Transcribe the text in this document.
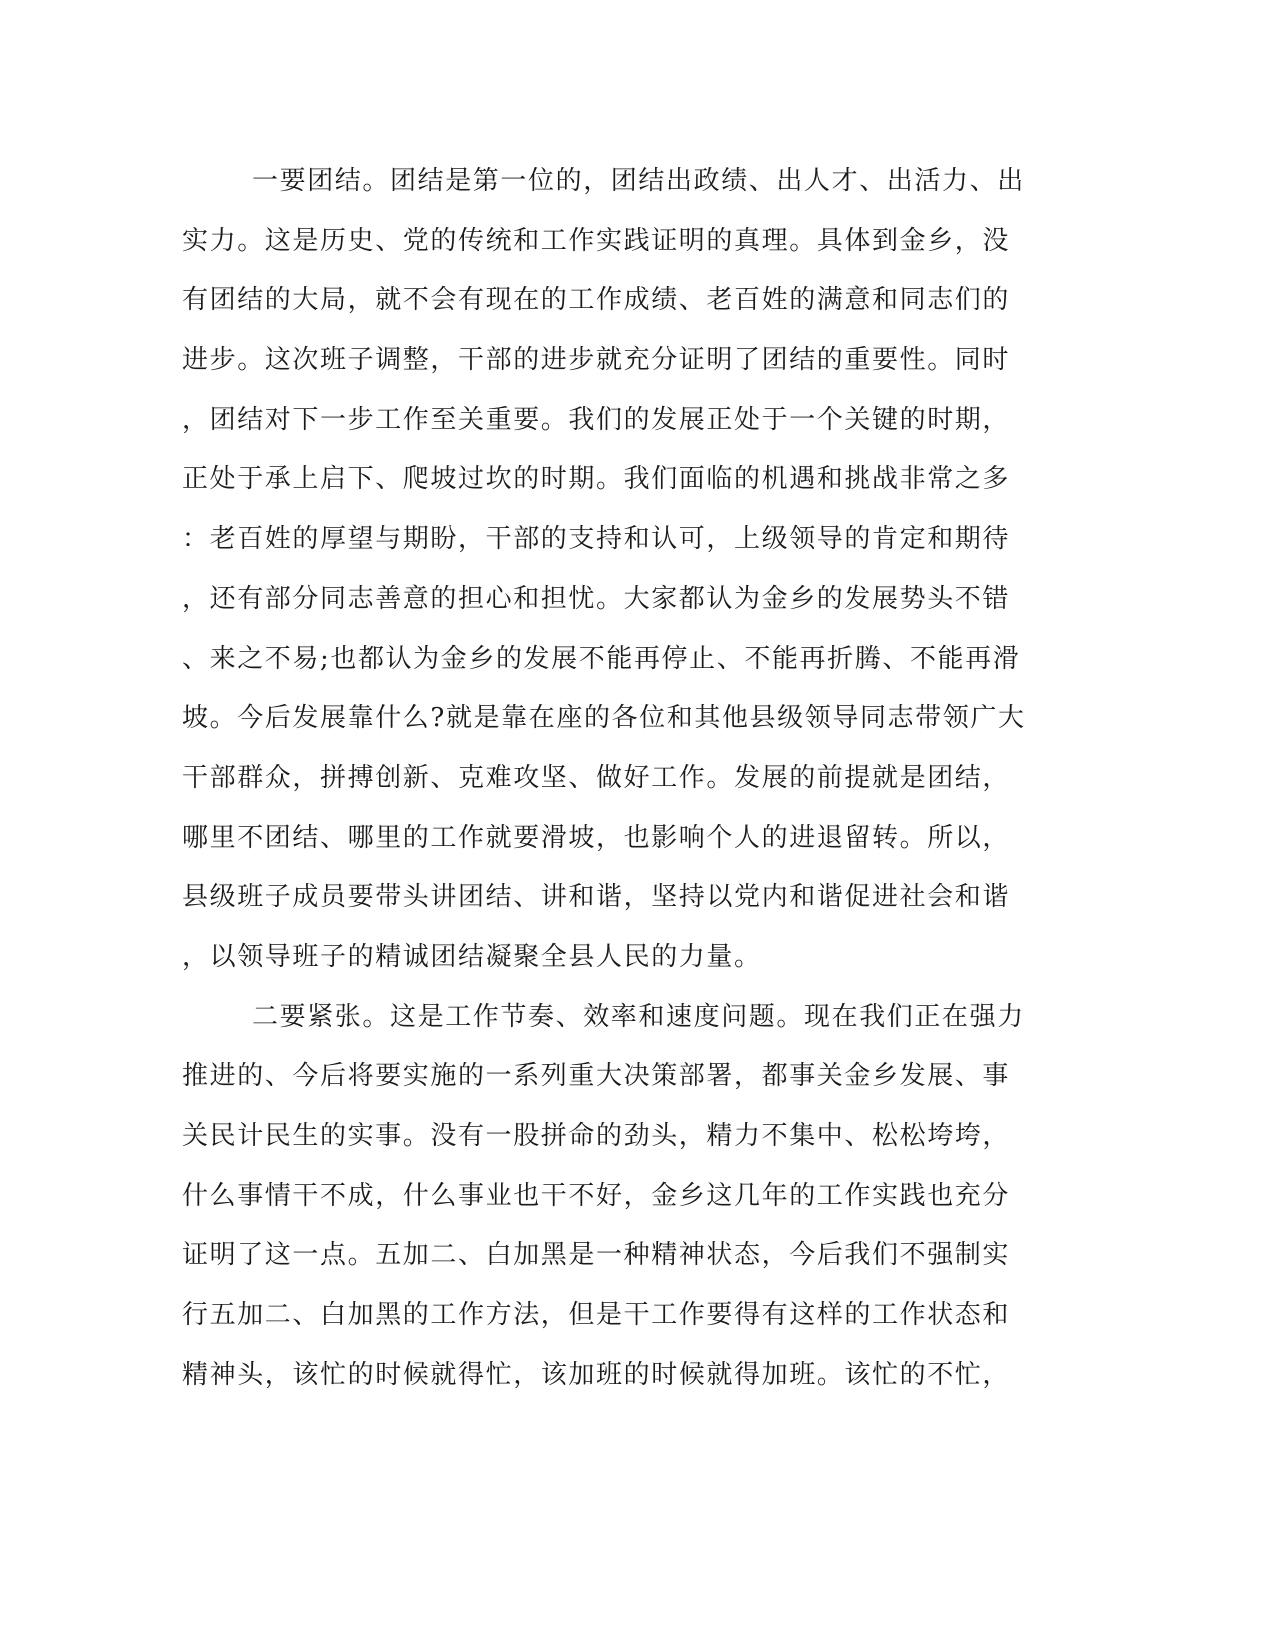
一要团结。团结是第一位的，团结出政绩、出人才、出活力、出
实力。这是历史、党的传统和工作实践证明的真理。具体到金乡，没
有团结的大局，就不会有现在的工作成绩、老百姓的满意和同志们的
进步。这次班子调整，干部的进步就充分证明了团结的重要性。同时
，团结对下一步工作至关重要。我们的发展正处于一个关键的时期，
正处于承上启下、爬坡过坎的时期。我们面临的机遇和挑战非常之多
：老百姓的厚望与期盼，干部的支持和认可，上级领导的肯定和期待
，还有部分同志善意的担心和担忧。大家都认为金乡的发展势头不错
、来之不易;也都认为金乡的发展不能再停止、不能再折腾、不能再滑
坡。今后发展靠什么?就是靠在座的各位和其他县级领导同志带领广大
干部群众，拼搏创新、克难攻坚、做好工作。发展的前提就是团结，
哪里不团结、哪里的工作就要滑坡，也影响个人的进退留转。所以，
县级班子成员要带头讲团结、讲和谐，坚持以党内和谐促进社会和谐
，以领导班子的精诚团结凝聚全县人民的力量。
二要紧张。这是工作节奏、效率和速度问题。现在我们正在强力
推进的、今后将要实施的一系列重大决策部署，都事关金乡发展、事
关民计民生的实事。没有一股拼命的劲头，精力不集中、松松垮垮，
什么事情干不成，什么事业也干不好，金乡这几年的工作实践也充分
证明了这一点。五加二、白加黑是一种精神状态，今后我们不强制实
行五加二、白加黑的工作方法，但是干工作要得有这样的工作状态和
精神头，该忙的时候就得忙，该加班的时候就得加班。该忙的不忙，
